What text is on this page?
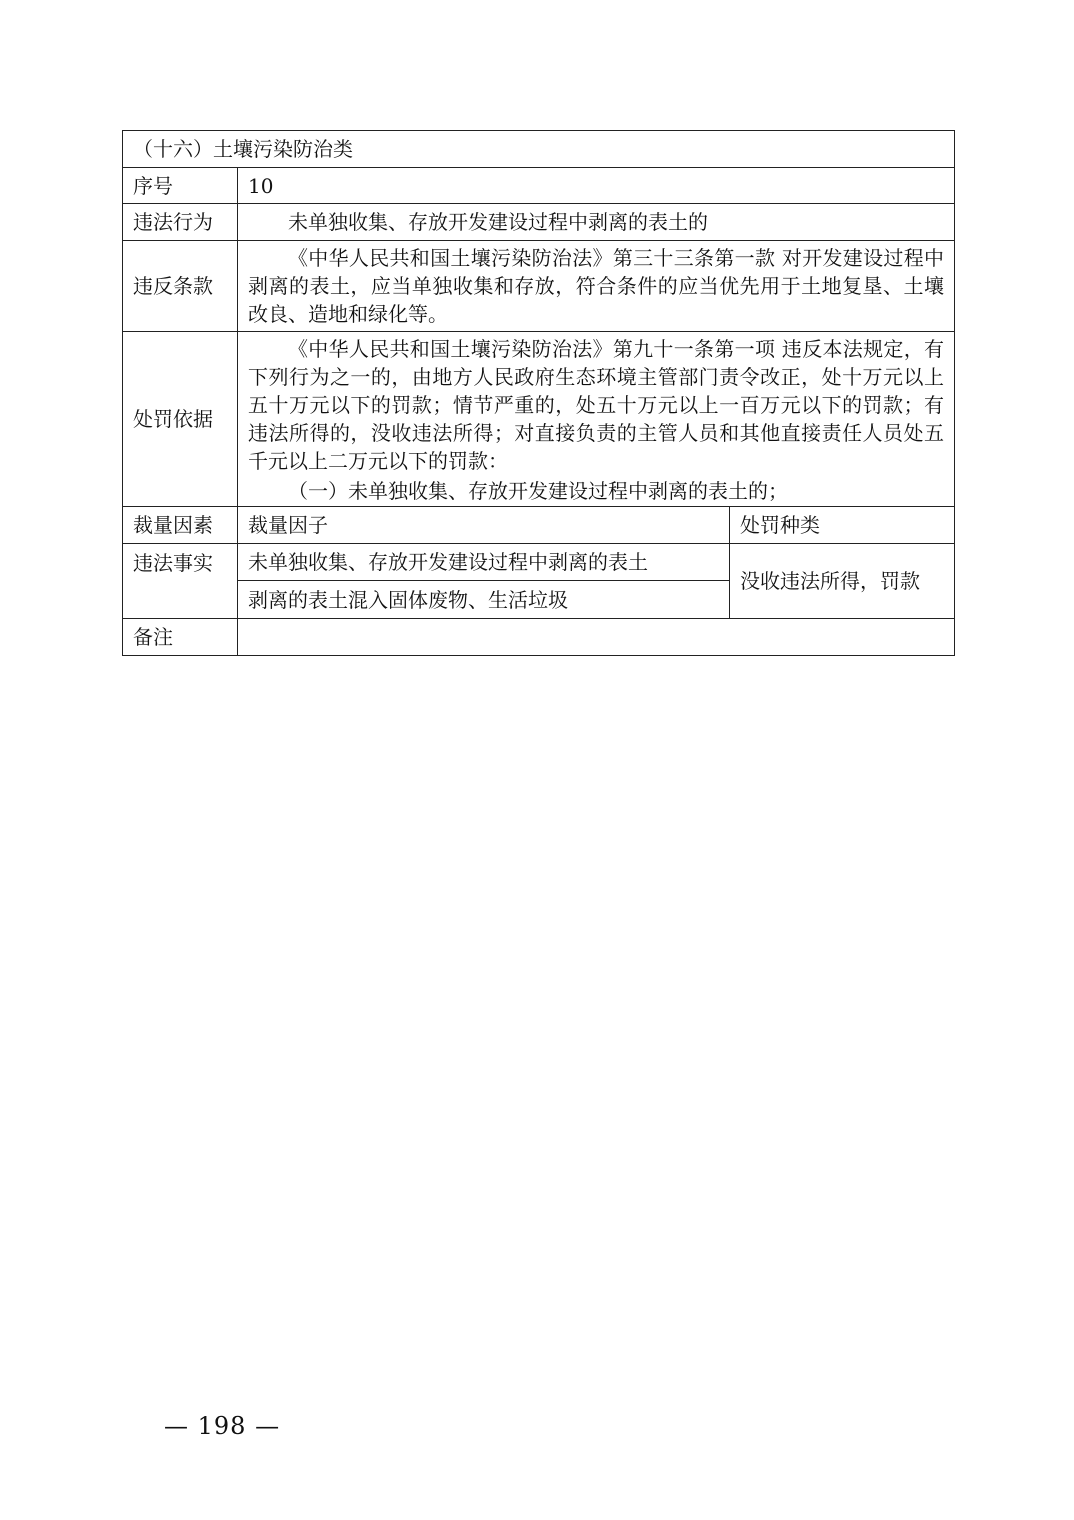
（十六）土壤污染防治类		
序号	10	
违法行为	未单独收集、存放开发建设过程中剥离的表土的	
违反条款	《中华人民共和国土壤污染防治法》第三十三条第一款 对开发建设过程中剥离的表土，应当单独收集和存放，符合条件的应当优先用于土地复垦、土壤改良、造地和绿化等。	

处罚依据	《中华人民共和国土壤污染防治法》第九十一条第一项 违反本法规定，有下列行为之一的，由地方人民政府生态环境主管部门责令改正，处十万元以上五十万元以下的罚款；情节严重的，处五十万元以上一百万元以下的罚款；有违法所得的，没收违法所得；对直接负责的主管人员和其他直接责任人员处五千元以上二万元以下的罚款：
（一）未单独收集、存放开发建设过程中剥离的表土的；	

裁量因素	裁量因子	处罚种类
违法事实	未单独收集、存放开发建设过程中剥离的表土	没收违法所得，罚款
	剥离的表土混入固体废物、生活垃圾	
备注		
— 198 —
